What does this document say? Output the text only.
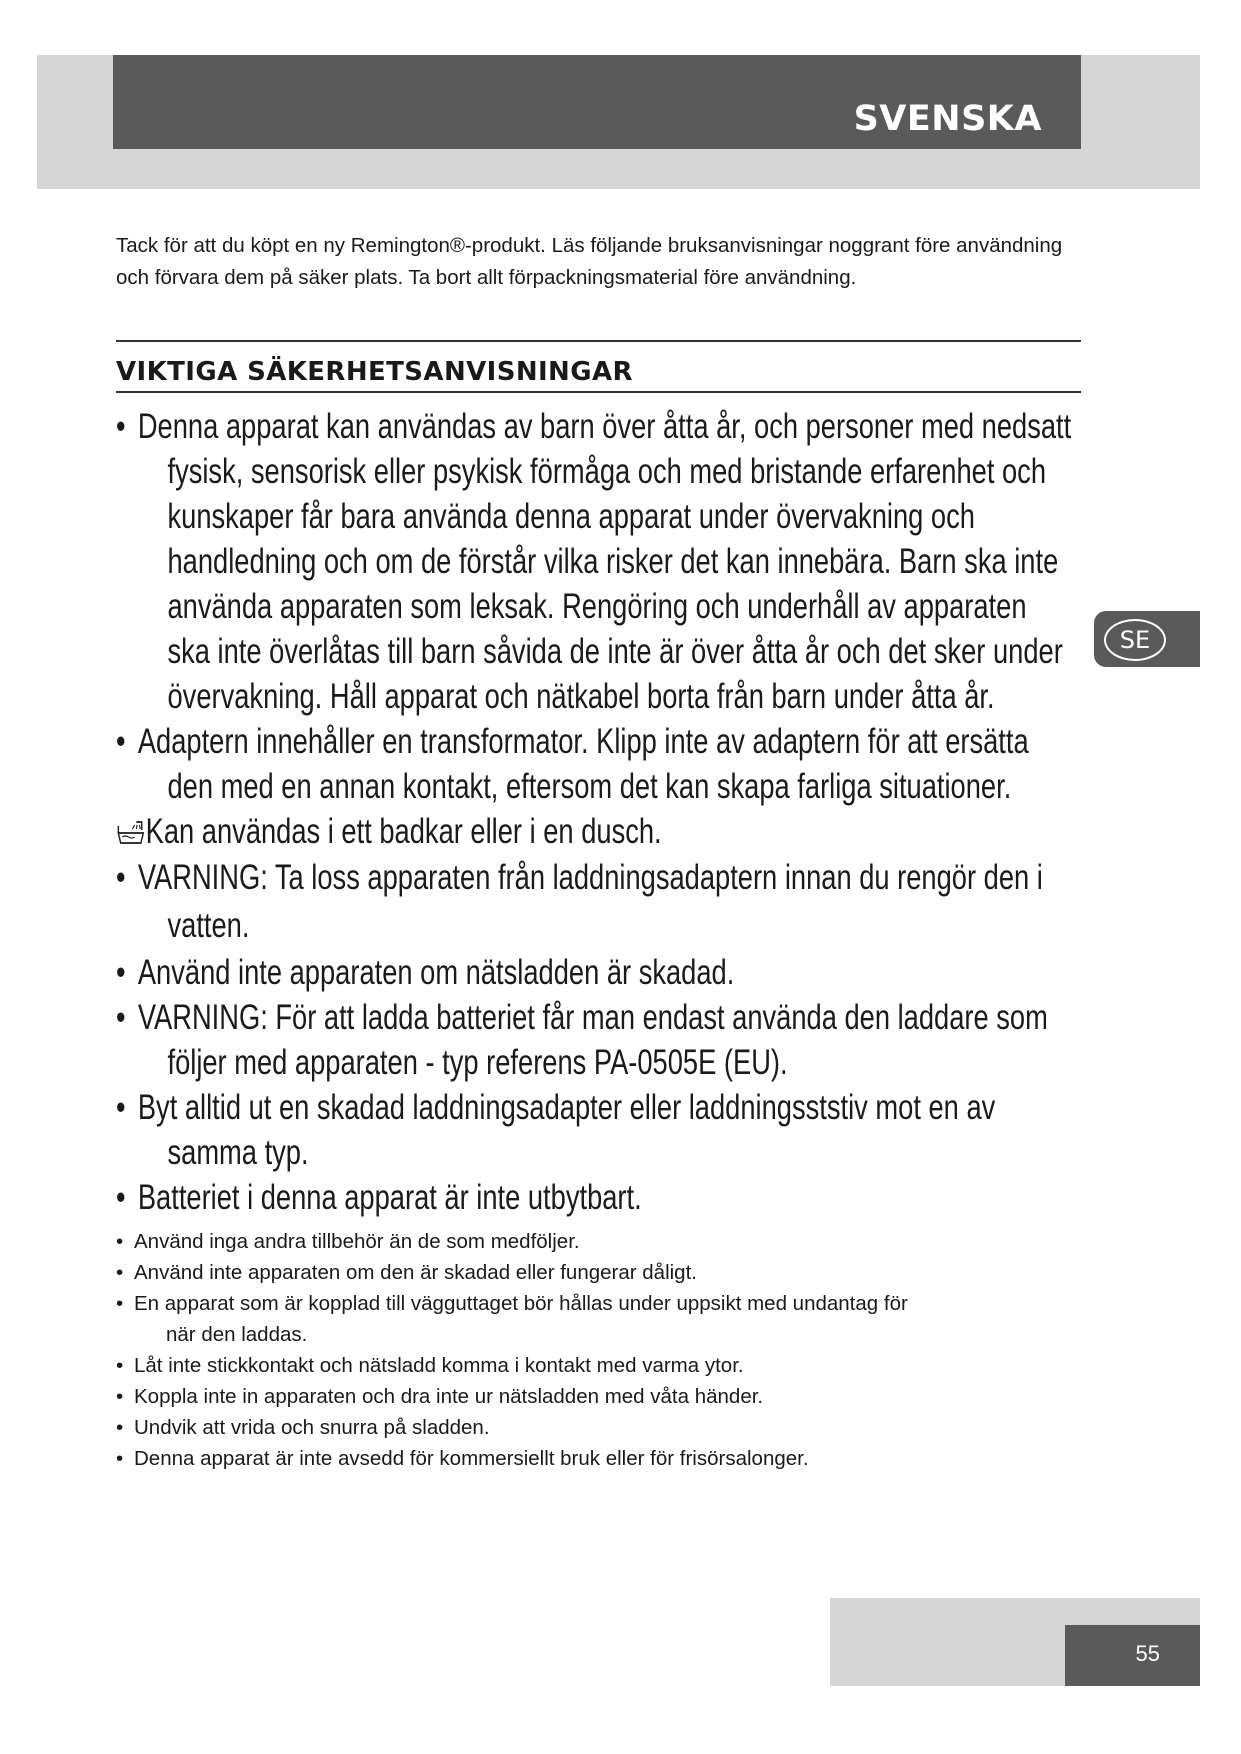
SVENSKA

Tack för att du köpt en ny Remington®-produkt. Läs följande bruksanvisningar noggrant före användning och förvara dem på säker plats. Ta bort allt förpackningsmaterial före användning.

VIKTIGA SÄKERHETSANVISNINGAR
• Denna apparat kan användas av barn över åtta år, och personer med nedsatt
fysisk, sensorisk eller psykisk förmåga och med bristande erfarenhet och kunskaper får bara använda denna apparat under övervakning och handledning och om de förstår vilka risker det kan innebära. Barn ska inte använda apparaten som leksak. Rengöring och underhåll av apparaten ska inte överlåtas till barn såvida de inte är över åtta år och det sker under övervakning. Håll apparat och nätkabel borta från barn under åtta år.
• Adaptern innehåller en transformator. Klipp inte av adaptern för att ersätta
den med en annan kontakt, eftersom det kan skapa farliga situationer.
Kan användas i ett badkar eller i en dusch.
• VARNING: Ta loss apparaten från laddningsadaptern innan du rengör den i
vatten.
• Använd inte apparaten om nätsladden är skadad.
• VARNING: För att ladda batteriet får man endast använda den laddare som
följer med apparaten - typ referens PA-0505E (EU).
• Byt alltid ut en skadad laddningsadapter eller laddningsststiv mot en av
samma typ.
• Batteriet i denna apparat är inte utbytbart.
• Använd inga andra tillbehör än de som medföljer.
• Använd inte apparaten om den är skadad eller fungerar dåligt.
• En apparat som är kopplad till vägguttaget bör hållas under uppsikt med undantag för
när den laddas.
• Låt inte stickkontakt och nätsladd komma i kontakt med varma ytor.
• Koppla inte in apparaten och dra inte ur nätsladden med våta händer.
• Undvik att vrida och snurra på sladden.
• Denna apparat är inte avsedd för kommersiellt bruk eller för frisörsalonger.
SE
55
